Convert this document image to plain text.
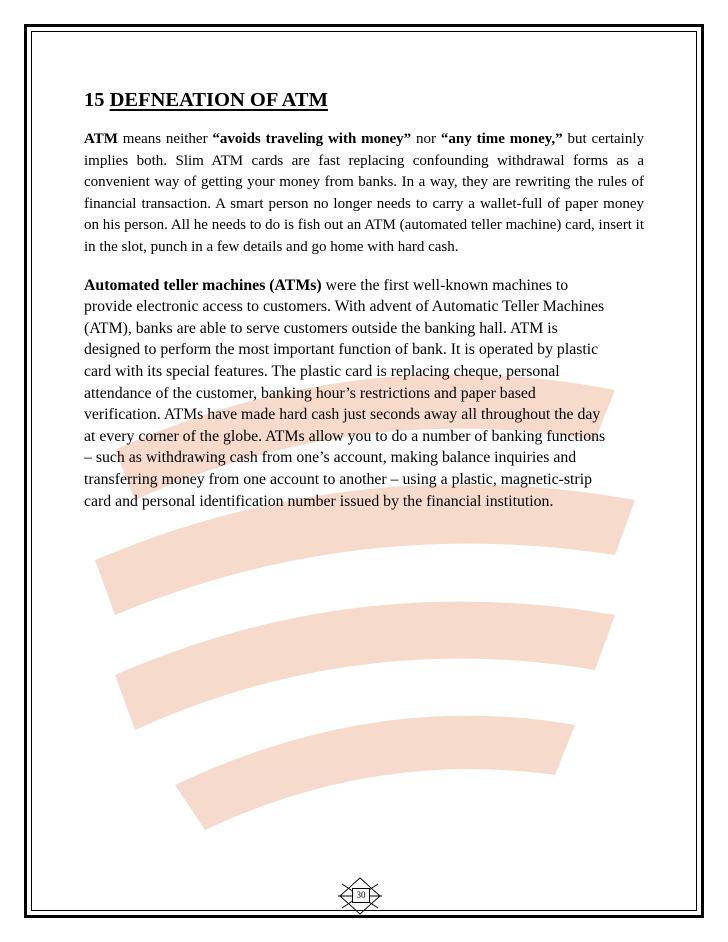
15 DEFNEATION OF ATM

ATM means neither “avoids traveling with money” nor “any time money,” but certainly implies both. Slim ATM cards are fast replacing confounding withdrawal forms as a convenient way of getting your money from banks. In a way, they are rewriting the rules of financial transaction. A smart person no longer needs to carry a wallet-full of paper money on his person. All he needs to do is fish out an ATM (automated teller machine) card, insert it in the slot, punch in a few details and go home with hard cash.

Automated teller machines (ATMs) were the first well-known machines to
provide electronic access to customers. With advent of Automatic Teller Machines
(ATM), banks are able to serve customers outside the banking hall. ATM is
designed to perform the most important function of bank. It is operated by plastic
card with its special features. The plastic card is replacing cheque, personal
attendance of the customer, banking hour’s restrictions and paper based
verification. ATMs have made hard cash just seconds away all throughout the day
at every corner of the globe. ATMs allow you to do a number of banking functions
– such as withdrawing cash from one’s account, making balance inquiries and
transferring money from one account to another – using a plastic, magnetic-strip
card and personal identification number issued by the financial institution.

30
